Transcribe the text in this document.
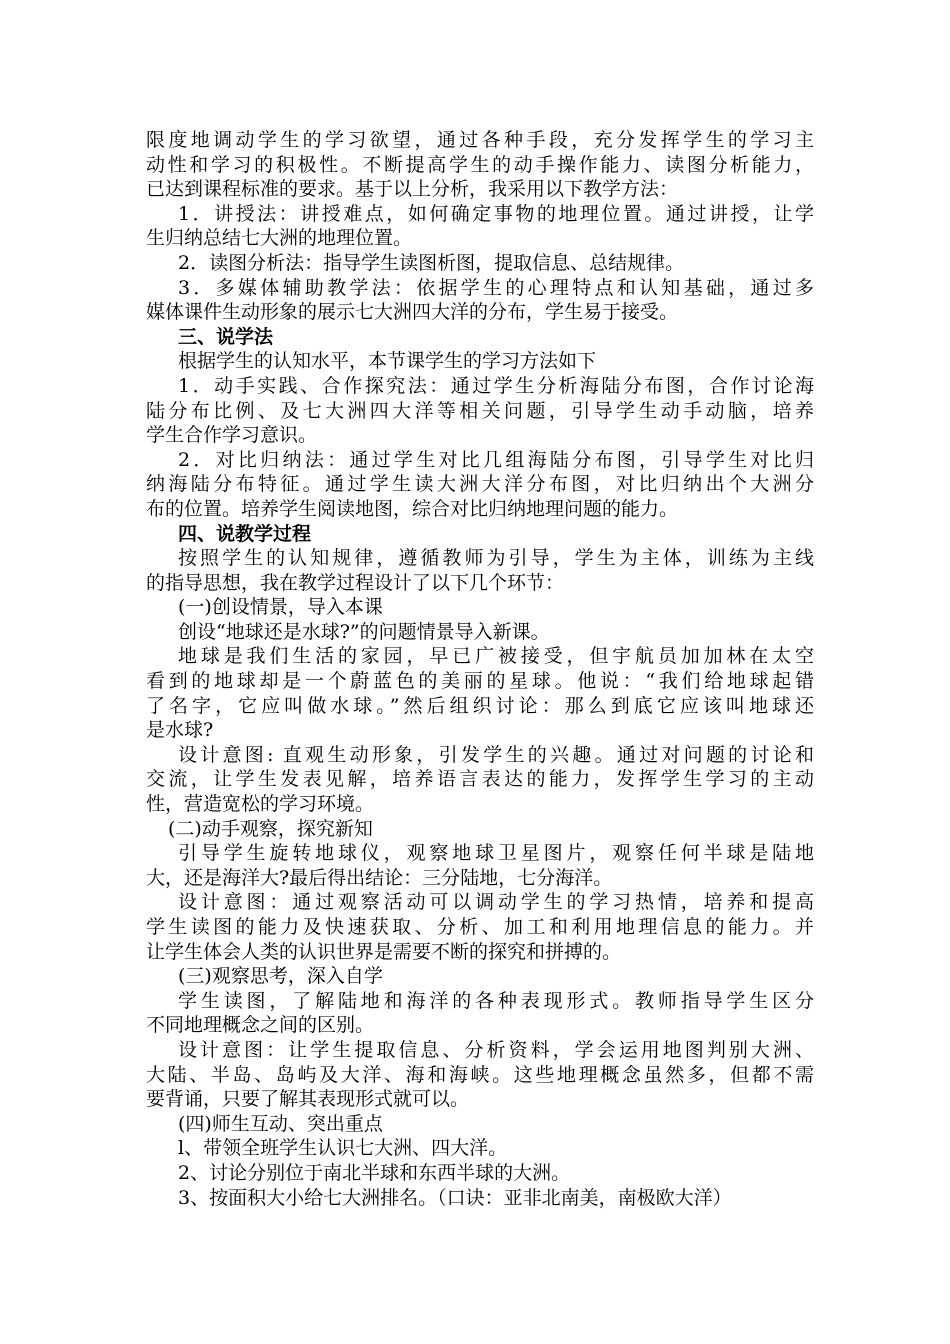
限度地调动学生的学习欲望，通过各种手段，充分发挥学生的学习主
动性和学习的积极性。不断提高学生的动手操作能力、读图分析能力，
已达到课程标准的要求。基于以上分析，我采用以下教学方法：
1．讲授法：讲授难点，如何确定事物的地理位置。通过讲授，让学
生归纳总结七大洲的地理位置。
2．读图分析法：指导学生读图析图，提取信息、总结规律。
3．多媒体辅助教学法：依据学生的心理特点和认知基础，通过多
媒体课件生动形象的展示七大洲四大洋的分布，学生易于接受。
三、说学法
根据学生的认知水平，本节课学生的学习方法如下
1．动手实践、合作探究法：通过学生分析海陆分布图，合作讨论海
陆分布比例、及七大洲四大洋等相关问题，引导学生动手动脑，培养
学生合作学习意识。
2．对比归纳法：通过学生对比几组海陆分布图，引导学生对比归
纳海陆分布特征。通过学生读大洲大洋分布图，对比归纳出个大洲分
布的位置。培养学生阅读地图，综合对比归纳地理问题的能力。
四、说教学过程
按照学生的认知规律，遵循教师为引导，学生为主体，训练为主线
的指导思想，我在教学过程设计了以下几个环节：
(一)创设情景，导入本课
创设“地球还是水球?”的问题情景导入新课。
地球是我们生活的家园，早已广被接受，但宇航员加加林在太空
看到的地球却是一个蔚蓝色的美丽的星球。他说：“我们给地球起错
了名字，它应叫做水球。”然后组织讨论：那么到底它应该叫地球还
是水球?
设计意图: 直观生动形象，引发学生的兴趣。通过对问题的讨论和
交流，让学生发表见解，培养语言表达的能力，发挥学生学习的主动
性，营造宽松的学习环境。
(二)动手观察，探究新知
引导学生旋转地球仪，观察地球卫星图片，观察任何半球是陆地
大，还是海洋大?最后得出结论：三分陆地，七分海洋。
设计意图：通过观察活动可以调动学生的学习热情，培养和提高
学生读图的能力及快速获取、分析、加工和利用地理信息的能力。并
让学生体会人类的认识世界是需要不断的探究和拼搏的。
(三)观察思考，深入自学
学生读图，了解陆地和海洋的各种表现形式。教师指导学生区分
不同地理概念之间的区别。
设计意图：让学生提取信息、分析资料，学会运用地图判别大洲、
大陆、半岛、岛屿及大洋、海和海峡。这些地理概念虽然多，但都不需
要背诵，只要了解其表现形式就可以。
(四)师生互动、突出重点
l、带领全班学生认识七大洲、四大洋。
2、讨论分别位于南北半球和东西半球的大洲。
3、按面积大小给七大洲排名。（口诀：亚非北南美，南极欧大洋）
